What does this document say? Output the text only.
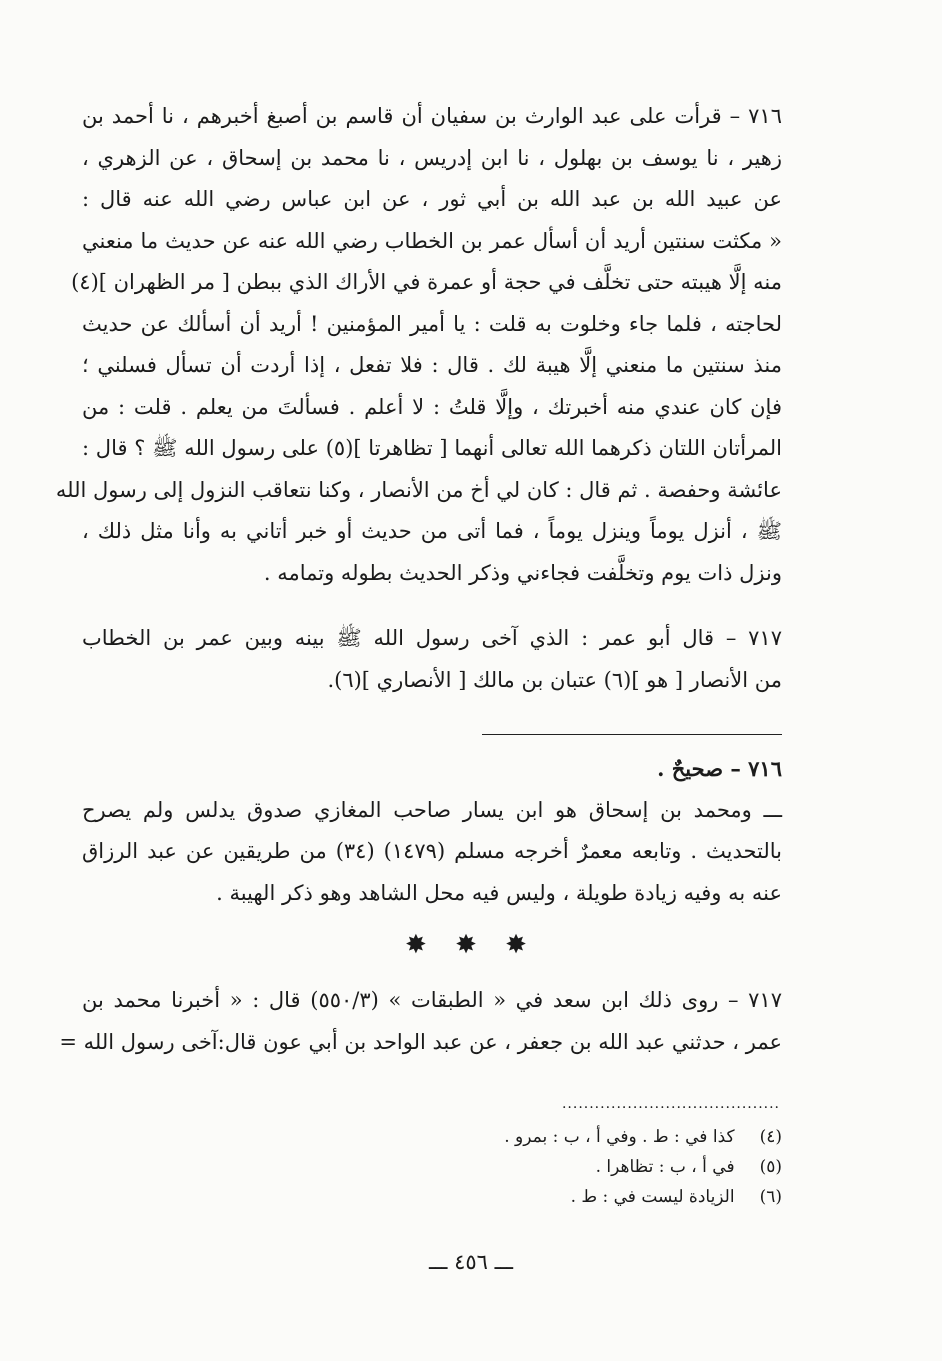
٧١٦ – قرأت على عبد الوارث بن سفيان أن قاسم بن أصبغ أخبرهم ، نا أحمد بن
زهير ، نا يوسف بن بهلول ، نا ابن إدريس ، نا محمد بن إسحاق ، عن الزهري ،
عن عبيد الله بن عبد الله بن أبي ثور ، عن ابن عباس رضي الله عنه قال :
« مكثت سنتين أريد أن أسأل عمر بن الخطاب رضي الله عنه عن حديث ما منعني
منه إلَّا هيبته حتى تخلَّف في حجة أو عمرة في الأراك الذي ببطن [ مر الظهران ](٤)
لحاجته ، فلما جاء وخلوت به قلت : يا أمير المؤمنين ! أريد أن أسألك عن حديث
منذ سنتين ما منعني إلَّا هيبة لك . قال : فلا تفعل ، إذا أردت أن تسأل فسلني ؛
فإن كان عندي منه أخبرتك ، وإلَّا قلتُ : لا أعلم . فسألتَ من يعلم . قلت : من
المرأتان اللتان ذكرهما الله تعالى أنهما [ تظاهرتا ](٥) على رسول الله ﷺ ؟ قال :
عائشة وحفصة . ثم قال : كان لي أخ من الأنصار ، وكنا نتعاقب النزول إلى رسول الله
ﷺ ، أنزل يوماً وينزل يوماً ، فما أتى من حديث أو خبر أتاني به وأنا مثل ذلك ،
ونزل ذات يوم وتخلَّفت فجاءني وذكر الحديث بطوله وتمامه .
٧١٧ – قال أبو عمر : الذي آخى رسول الله ﷺ بينه وبين عمر بن الخطاب
من الأنصار [ هو ](٦) عتبان بن مالك [ الأنصاري ](٦).
٧١٦ – صحيحٌ .
ـــ ومحمد بن إسحاق هو ابن يسار صاحب المغازي صدوق يدلس ولم يصرح
بالتحديث . وتابعه معمرٌ أخرجه مسلم (١٤٧٩) (٣٤) من طريقين عن عبد الرزاق
عنه به وفيه زيادة طويلة ، وليس فيه محل الشاهد وهو ذكر الهيبة .
✸ ✸ ✸
٧١٧ – روى ذلك ابن سعد في « الطبقات » (٥٥٠/٣) قال : « أخبرنا محمد بن
عمر ، حدثني عبد الله بن جعفر ، عن عبد الواحد بن أبي عون قال:آخى رسول الله =
........................................
(٤) كذا في : ط . وفي أ ، ب : بمرو .
(٥) في أ ، ب : تظاهرا .
(٦) الزيادة ليست في : ط .
ـــ ٤٥٦ ـــ
